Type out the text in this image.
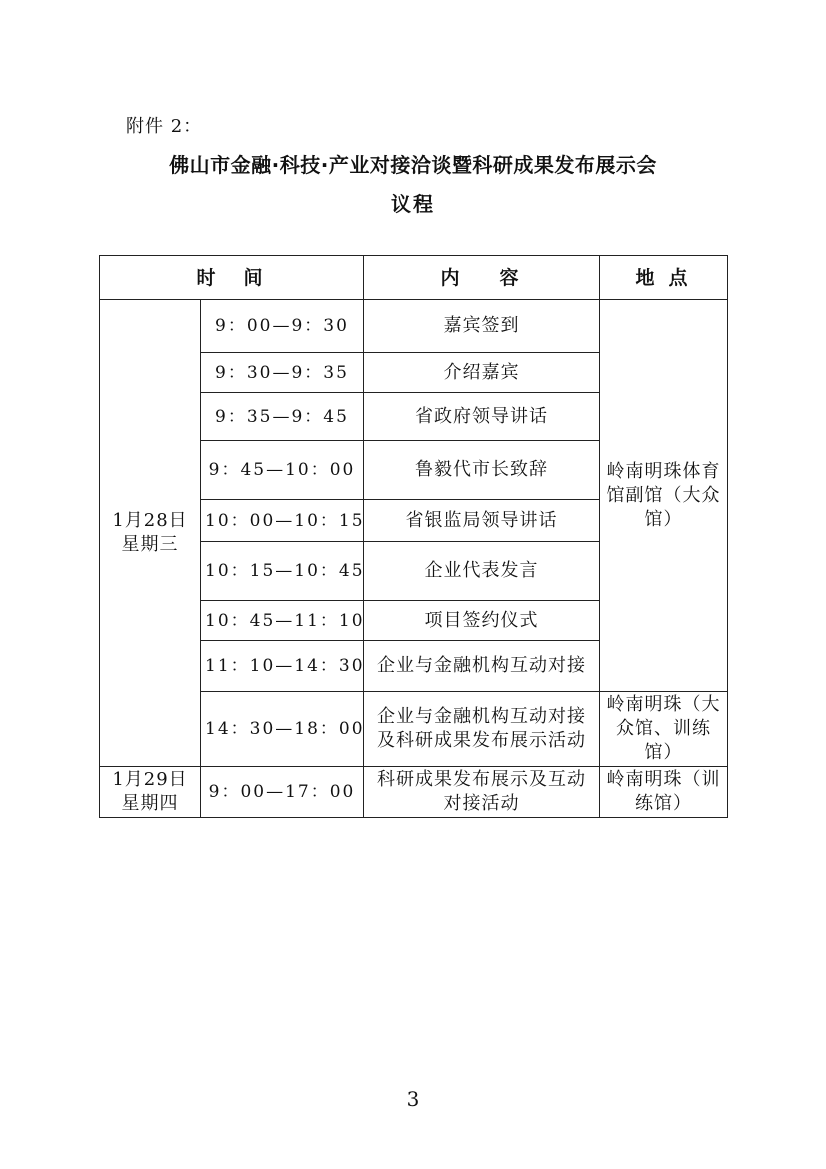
附件 2：
佛山市金融·科技·产业对接洽谈暨科研成果发布展示会
议程
时间		内容	地点

1月28日
星期三	9：00—9：30	嘉宾签到	岭南明珠体育馆副馆（大众馆）
	9：30—9：35	介绍嘉宾	
	9：35—9：45	省政府领导讲话	
	9：45—10：00	鲁毅代市长致辞	
	10：00—10：15	省银监局领导讲话	
	10：15—10：45	企业代表发言	
	10：45—11：10	项目签约仪式	
	11：10—14：30	企业与金融机构互动对接	
	14：30—18：00	企业与金融机构互动对接及科研成果发布展示活动	岭南明珠（大众馆、训练馆）

1月29日
星期四	9：00—17：00	科研成果发布展示及互动对接活动	岭南明珠（训练馆）
3
